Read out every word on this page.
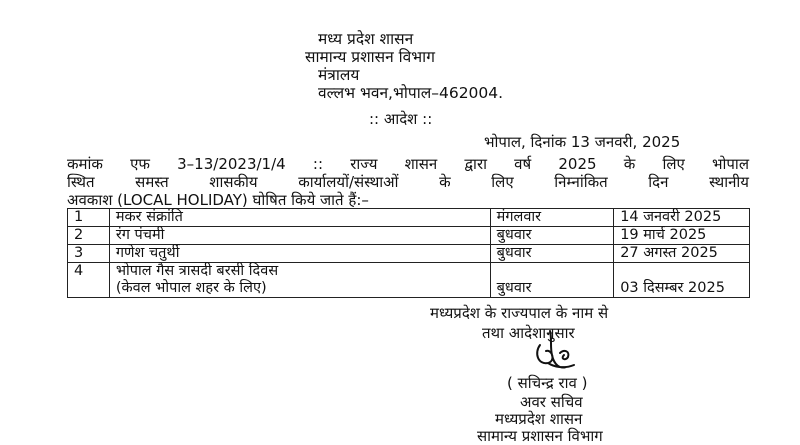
मध्य प्रदेश शासन
सामान्य प्रशासन विभाग
मंत्रालय
वल्लभ भवन,भोपाल–462004.
:: आदेश ::
भोपाल, दिनांक 13 जनवरी, 2025
कमांक एफ 3–13/2023/1/4 :: राज्य शासन द्वारा वर्ष 2025 के लिए भोपाल
स्थित समस्त शासकीय कार्यालयों/संस्थाओं के लिए निम्नांकित दिन स्थानीय
अवकाश (LOCAL HOLIDAY) घोषित किये जाते हैं:–
1	मकर संक्रांति	मंगलवार	14 जनवरी 2025
2	रंग पंचमी	बुधवार	19 मार्च 2025
3	गणेश चतुर्थी	बुधवार	27 अगस्त 2025
4	भोपाल गैस त्रासदी बरसी दिवस
(केवल भोपाल शहर के लिए)	बुधवार	03 दिसम्बर 2025
मध्यप्रदेश के राज्यपाल के नाम से
तथा आदेशानुसार
( सचिन्द्र राव )
अवर सचिव
मध्यप्रदेश शासन
सामान्य प्रशासन विभाग
